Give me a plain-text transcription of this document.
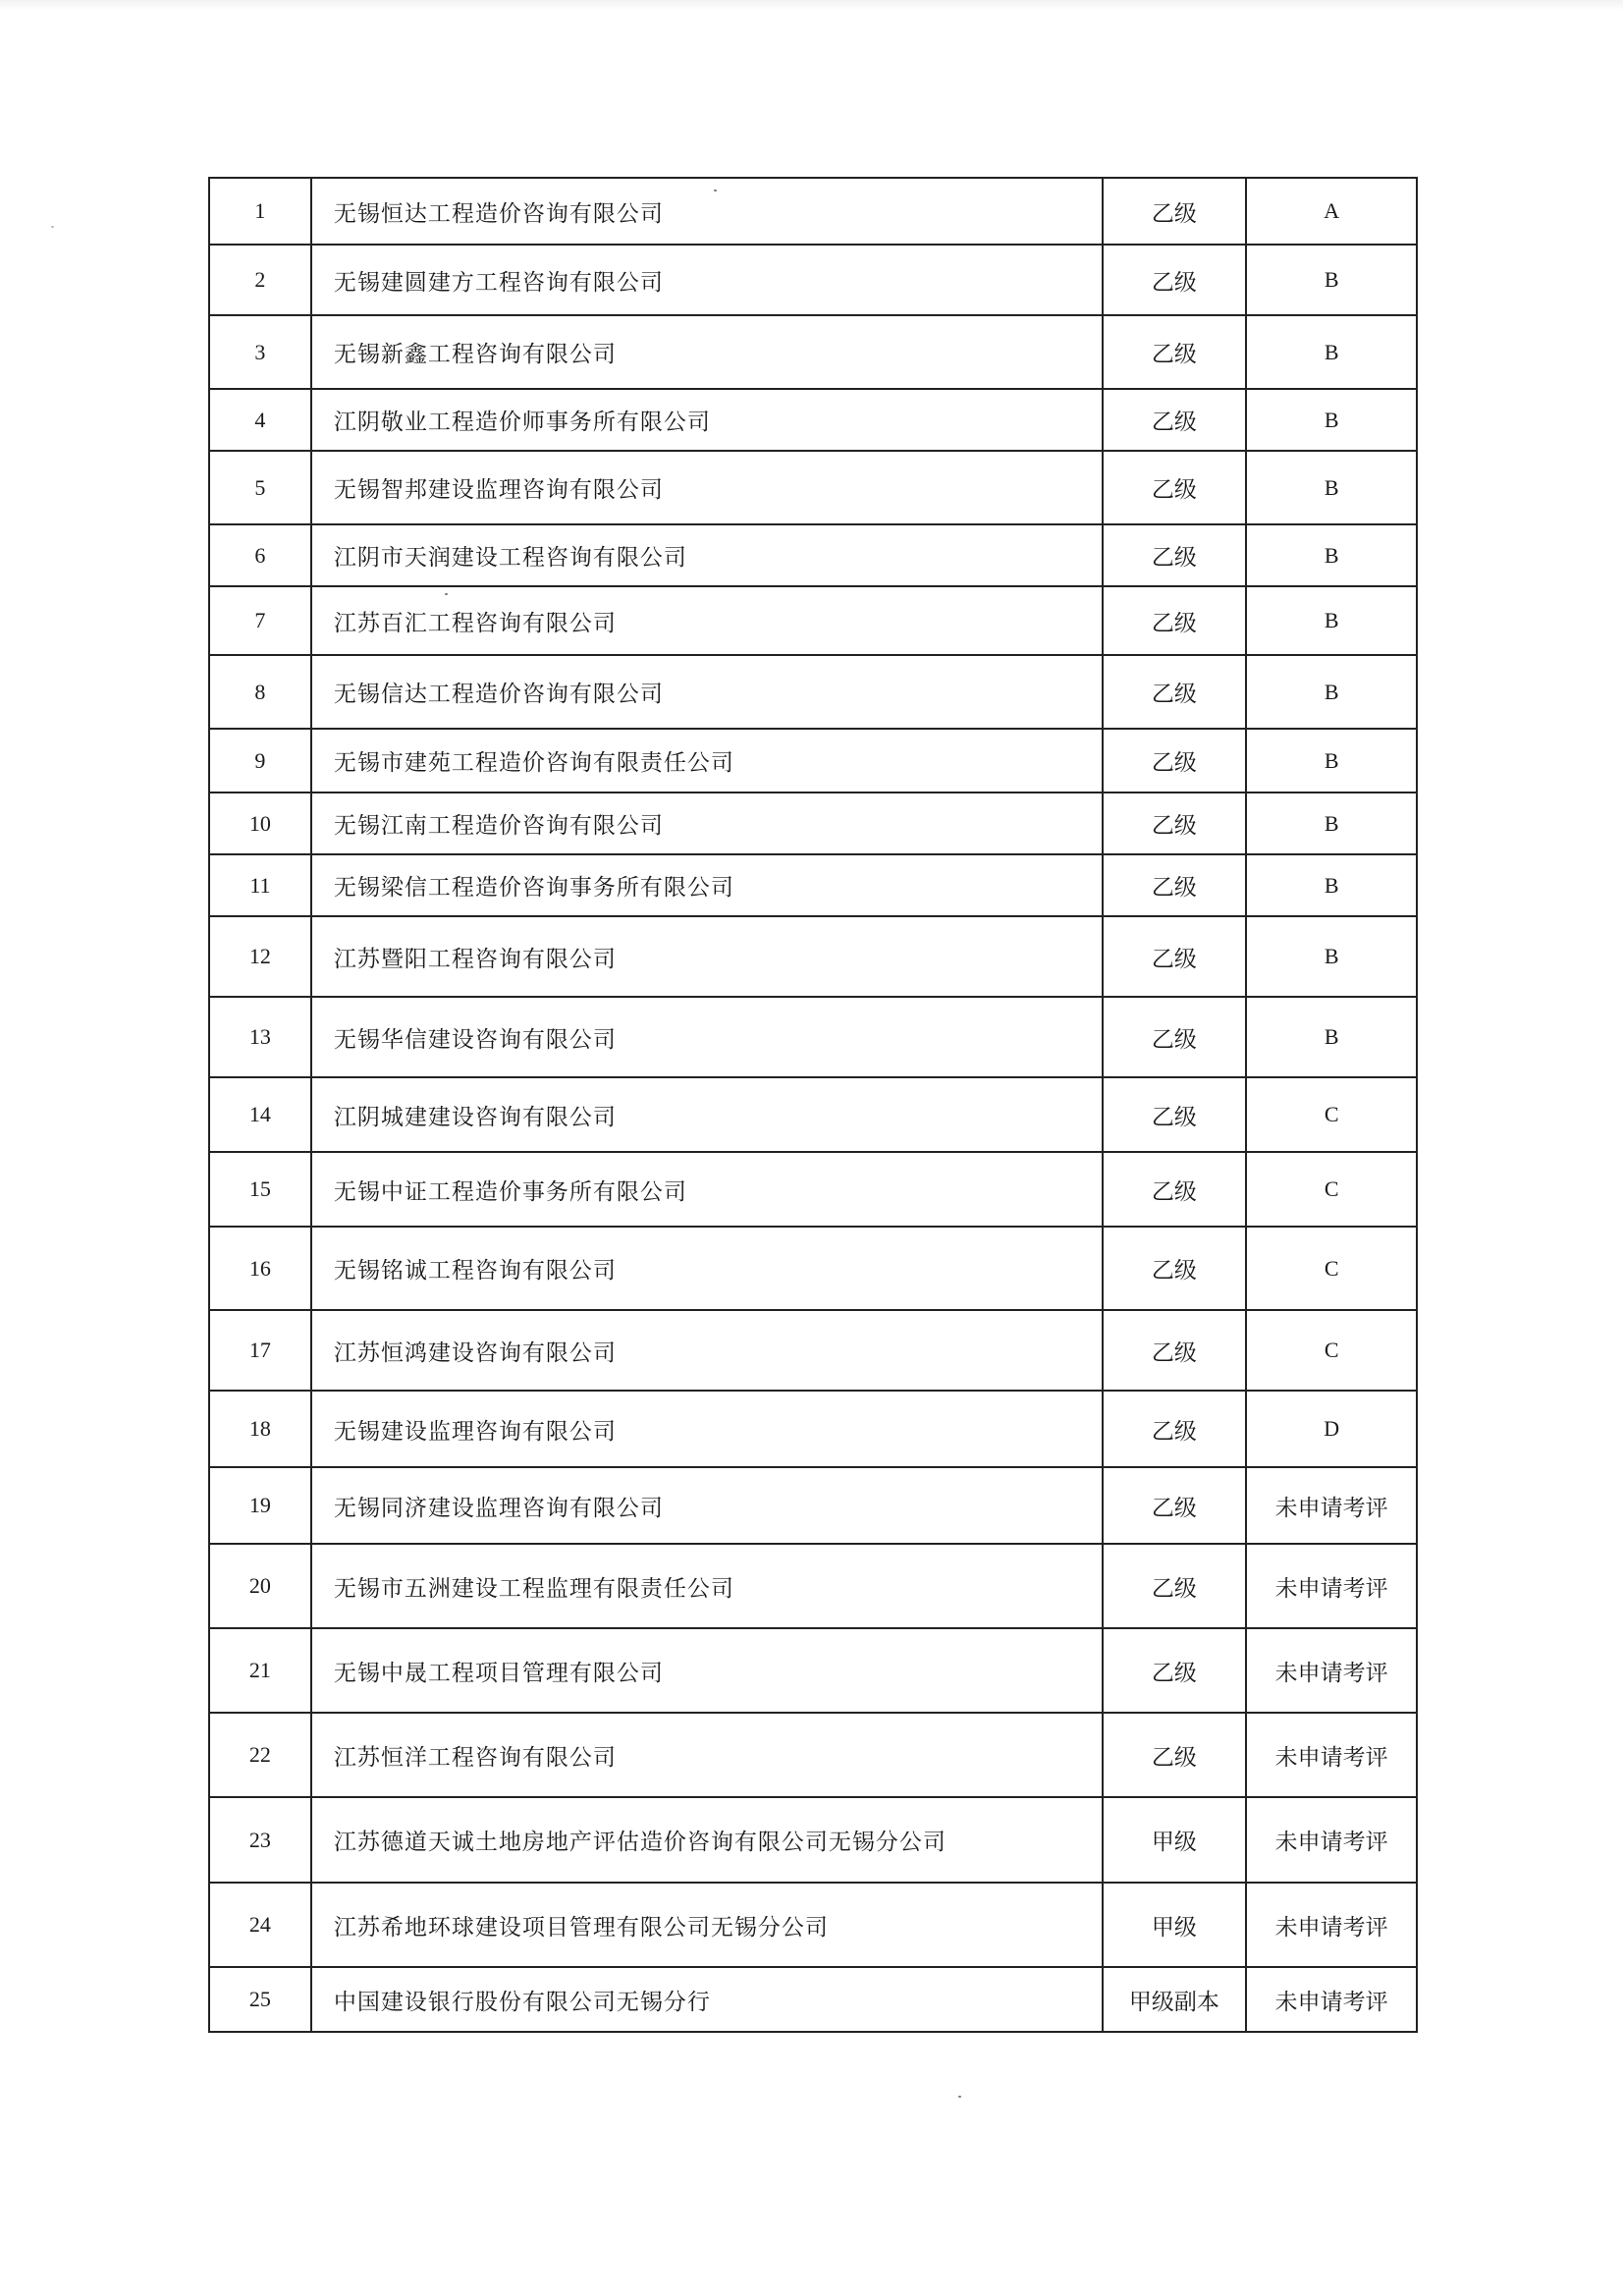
1	无锡恒达工程造价咨询有限公司	乙级	A
2	无锡建圆建方工程咨询有限公司	乙级	B
3	无锡新鑫工程咨询有限公司	乙级	B
4	江阴敬业工程造价师事务所有限公司	乙级	B
5	无锡智邦建设监理咨询有限公司	乙级	B
6	江阴市天润建设工程咨询有限公司	乙级	B
7	江苏百汇工程咨询有限公司	乙级	B
8	无锡信达工程造价咨询有限公司	乙级	B
9	无锡市建苑工程造价咨询有限责任公司	乙级	B
10	无锡江南工程造价咨询有限公司	乙级	B
11	无锡梁信工程造价咨询事务所有限公司	乙级	B
12	江苏暨阳工程咨询有限公司	乙级	B
13	无锡华信建设咨询有限公司	乙级	B
14	江阴城建建设咨询有限公司	乙级	C
15	无锡中证工程造价事务所有限公司	乙级	C
16	无锡铭诚工程咨询有限公司	乙级	C
17	江苏恒鸿建设咨询有限公司	乙级	C
18	无锡建设监理咨询有限公司	乙级	D
19	无锡同济建设监理咨询有限公司	乙级	未申请考评
20	无锡市五洲建设工程监理有限责任公司	乙级	未申请考评
21	无锡中晟工程项目管理有限公司	乙级	未申请考评
22	江苏恒洋工程咨询有限公司	乙级	未申请考评
23	江苏德道天诚土地房地产评估造价咨询有限公司无锡分公司	甲级	未申请考评
24	江苏希地环球建设项目管理有限公司无锡分公司	甲级	未申请考评
25	中国建设银行股份有限公司无锡分行	甲级副本	未申请考评
